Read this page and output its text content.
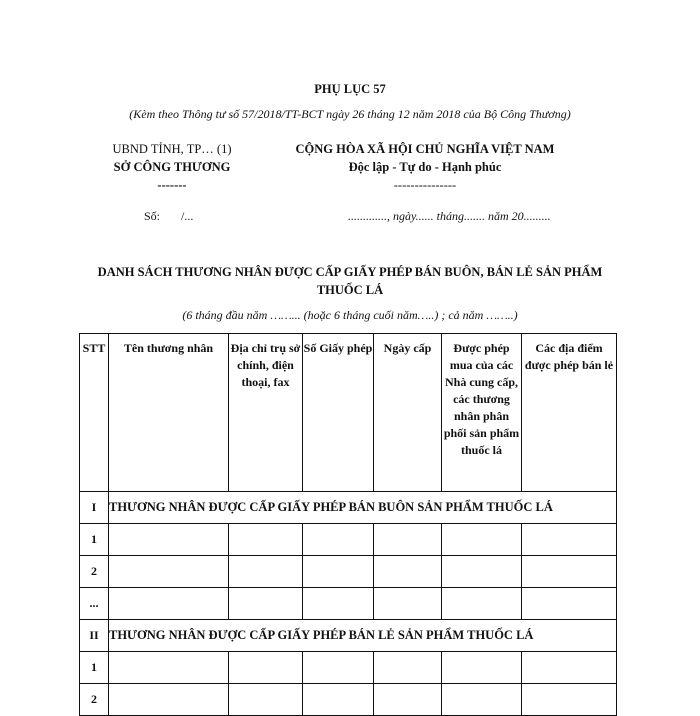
PHỤ LỤC 57
(Kèm theo Thông tư số 57/2018/TT-BCT ngày 26 tháng 12 năm 2018 của Bộ Công Thương)
UBND TỈNH, TP… (1)
SỞ CÔNG THƯƠNG
-------
CỘNG HÒA XÃ HỘI CHỦ NGHĨA VIỆT NAM
Độc lập - Tự do - Hạnh phúc
---------------
Số:       /...	............., ngày...... tháng....... năm 20.........
DANH SÁCH THƯƠNG NHÂN ĐƯỢC CẤP GIẤY PHÉP BÁN BUÔN, BÁN LẺ SẢN PHẨM THUỐC LÁ
(6 tháng đầu năm ……... (hoặc 6 tháng cuối năm…..) ; cả năm ……..)
STT	Tên thương nhân	Địa chỉ trụ sở chính, điện thoại, fax	Số Giấy phép	Ngày cấp	Được phép mua của các Nhà cung cấp, các thương nhân phân phối sản phẩm thuốc lá	Các địa điểm được phép bán lẻ
I	THƯƠNG NHÂN ĐƯỢC CẤP GIẤY PHÉP BÁN BUÔN SẢN PHẨM THUỐC LÁ					
1						
2						
...						
II	THƯƠNG NHÂN ĐƯỢC CẤP GIẤY PHÉP BÁN LẺ SẢN PHẨM THUỐC LÁ					
1						
2						
